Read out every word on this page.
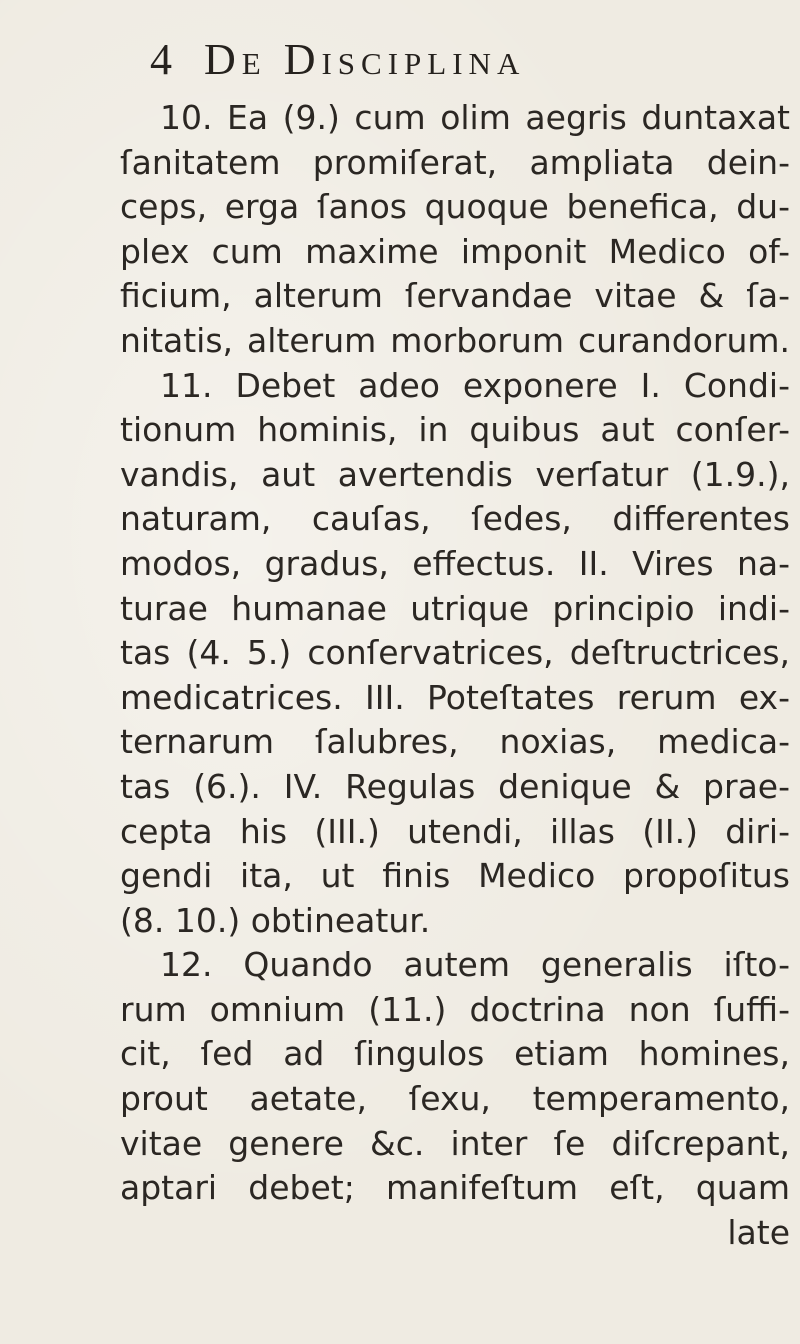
4 De Disciplina
10. Ea (9.) cum olim aegris duntaxat
ſanitatem promiſerat, ampliata dein-
ceps, erga ſanos quoque benefica, du-
plex cum maxime imponit Medico of-
ficium, alterum ſervandae vitae & ſa-
nitatis, alterum morborum curandorum.
11. Debet adeo exponere I. Condi-
tionum hominis, in quibus aut conſer-
vandis, aut avertendis verſatur (1.9.),
naturam, cauſas, ſedes, differentes
modos, gradus, effectus. II. Vires na-
turae humanae utrique principio indi-
tas (4. 5.) conſervatrices, deſtructrices,
medicatrices. III. Poteſtates rerum ex-
ternarum ſalubres, noxias, medica-
tas (6.). IV. Regulas denique & prae-
cepta his (III.) utendi, illas (II.) diri-
gendi ita, ut finis Medico propoſitus
(8. 10.) obtineatur.
12. Quando autem generalis iſto-
rum omnium (11.) doctrina non ſuffi-
cit, ſed ad ſingulos etiam homines,
prout aetate, ſexu, temperamento,
vitae genere &c. inter ſe diſcrepant,
aptari debet; manifeſtum eſt, quam
late
